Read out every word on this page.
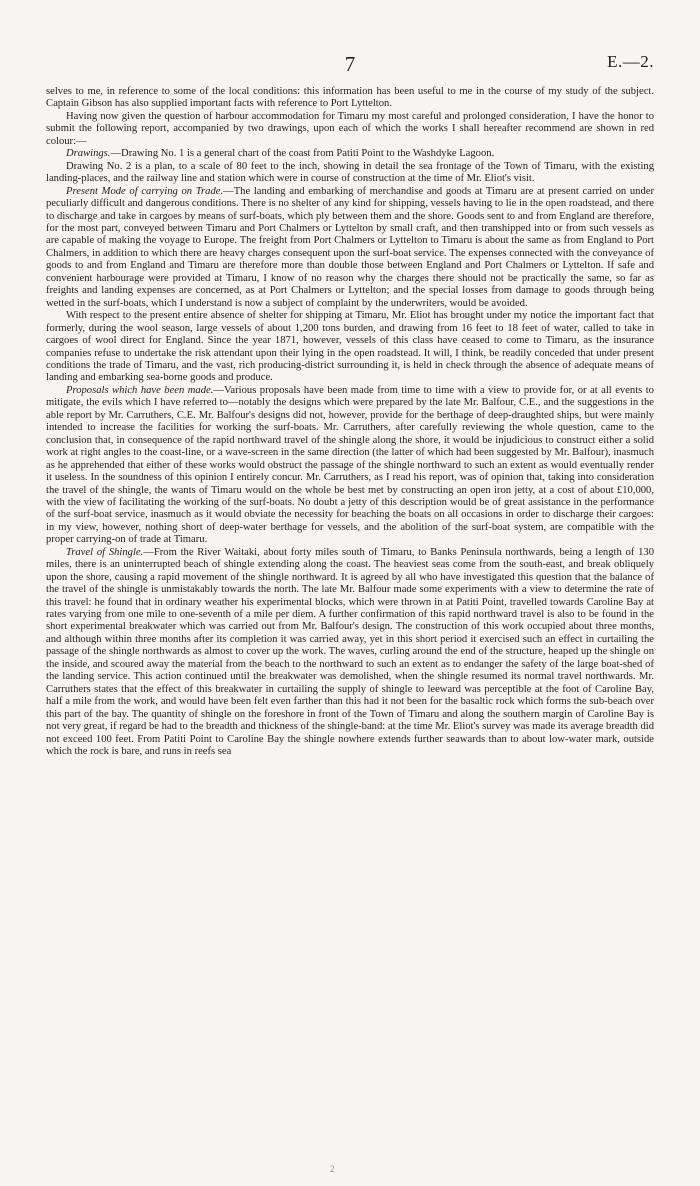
7	E.—2.

selves to me, in reference to some of the local conditions: this information has been useful to me in the course of my study of the subject. Captain Gibson has also supplied important facts with reference to Port Lyttelton.

Having now given the question of harbour accommodation for Timaru my most careful and prolonged consideration, I have the honor to submit the following report, accompanied by two drawings, upon each of which the works I shall hereafter recommend are shown in red colour:—

Drawings.—Drawing No. 1 is a general chart of the coast from Patiti Point to the Washdyke Lagoon.

Drawing No. 2 is a plan, to a scale of 80 feet to the inch, showing in detail the sea frontage of the Town of Timaru, with the existing landing-places, and the railway line and station which were in course of construction at the time of Mr. Eliot's visit.

Present Mode of carrying on Trade.—The landing and embarking of merchandise and goods at Timaru are at present carried on under peculiarly difficult and dangerous conditions. There is no shelter of any kind for shipping, vessels having to lie in the open roadstead, and there to discharge and take in cargoes by means of surf-boats, which ply between them and the shore. Goods sent to and from England are therefore, for the most part, conveyed between Timaru and Port Chalmers or Lyttelton by small craft, and then transhipped into or from such vessels as are capable of making the voyage to Europe. The freight from Port Chalmers or Lyttelton to Timaru is about the same as from England to Port Chalmers, in addition to which there are heavy charges consequent upon the surf-boat service. The expenses connected with the conveyance of goods to and from England and Timaru are therefore more than double those between England and Port Chalmers or Lyttelton. If safe and convenient harbourage were provided at Timaru, I know of no reason why the charges there should not be practically the same, so far as freights and landing expenses are concerned, as at Port Chalmers or Lyttelton; and the special losses from damage to goods through being wetted in the surf-boats, which I understand is now a subject of complaint by the underwriters, would be avoided.

With respect to the present entire absence of shelter for shipping at Timaru, Mr. Eliot has brought under my notice the important fact that formerly, during the wool season, large vessels of about 1,200 tons burden, and drawing from 16 feet to 18 feet of water, called to take in cargoes of wool direct for England. Since the year 1871, however, vessels of this class have ceased to come to Timaru, as the insurance companies refuse to undertake the risk attendant upon their lying in the open roadstead. It will, I think, be readily conceded that under present conditions the trade of Timaru, and the vast, rich producing-district surrounding it, is held in check through the absence of adequate means of landing and embarking sea-borne goods and produce.

Proposals which have been made.—Various proposals have been made from time to time with a view to provide for, or at all events to mitigate, the evils which I have referred to—notably the designs which were prepared by the late Mr. Balfour, C.E., and the suggestions in the able report by Mr. Carruthers, C.E. Mr. Balfour's designs did not, however, provide for the berthage of deep-draughted ships, but were mainly intended to increase the facilities for working the surf-boats. Mr. Carruthers, after carefully reviewing the whole question, came to the conclusion that, in consequence of the rapid northward travel of the shingle along the shore, it would be injudicious to construct either a solid work at right angles to the coast-line, or a wave-screen in the same direction (the latter of which had been suggested by Mr. Balfour), inasmuch as he apprehended that either of these works would obstruct the passage of the shingle northward to such an extent as would eventually render it useless. In the soundness of this opinion I entirely concur. Mr. Carruthers, as I read his report, was of opinion that, taking into consideration the travel of the shingle, the wants of Timaru would on the whole be best met by constructing an open iron jetty, at a cost of about £10,000, with the view of facilitating the working of the surf-boats. No doubt a jetty of this description would be of great assistance in the performance of the surf-boat service, inasmuch as it would obviate the necessity for beaching the boats on all occasions in order to discharge their cargoes: in my view, however, nothing short of deep-water berthage for vessels, and the abolition of the surf-boat system, are compatible with the proper carrying-on of trade at Timaru.

Travel of Shingle.—From the River Waitaki, about forty miles south of Timaru, to Banks Peninsula northwards, being a length of 130 miles, there is an uninterrupted beach of shingle extending along the coast. The heaviest seas come from the south-east, and break obliquely upon the shore, causing a rapid movement of the shingle northward. It is agreed by all who have investigated this question that the balance of the travel of the shingle is unmistakably towards the north. The late Mr. Balfour made some experiments with a view to determine the rate of this travel: he found that in ordinary weather his experimental blocks, which were thrown in at Patiti Point, travelled towards Caroline Bay at rates varying from one mile to one-seventh of a mile per diem. A further confirmation of this rapid northward travel is also to be found in the short experimental breakwater which was carried out from Mr. Balfour's design. The construction of this work occupied about three months, and although within three months after its completion it was carried away, yet in this short period it exercised such an effect in curtailing the passage of the shingle northwards as almost to cover up the work. The waves, curling around the end of the structure, heaped up the shingle on the inside, and scoured away the material from the beach to the northward to such an extent as to endanger the safety of the large boat-shed of the landing service. This action continued until the breakwater was demolished, when the shingle resumed its normal travel northwards. Mr. Carruthers states that the effect of this breakwater in curtailing the supply of shingle to leeward was perceptible at the foot of Caroline Bay, half a mile from the work, and would have been felt even farther than this had it not been for the basaltic rock which forms the sub-beach over this part of the bay. The quantity of shingle on the foreshore in front of the Town of Timaru and along the southern margin of Caroline Bay is not very great, if regard be had to the breadth and thickness of the shingle-band: at the time Mr. Eliot's survey was made its average breadth did not exceed 100 feet. From Patiti Point to Caroline Bay the shingle nowhere extends further seawards than to about low-water mark, outside which the rock is bare, and runs in reefs sea

2
